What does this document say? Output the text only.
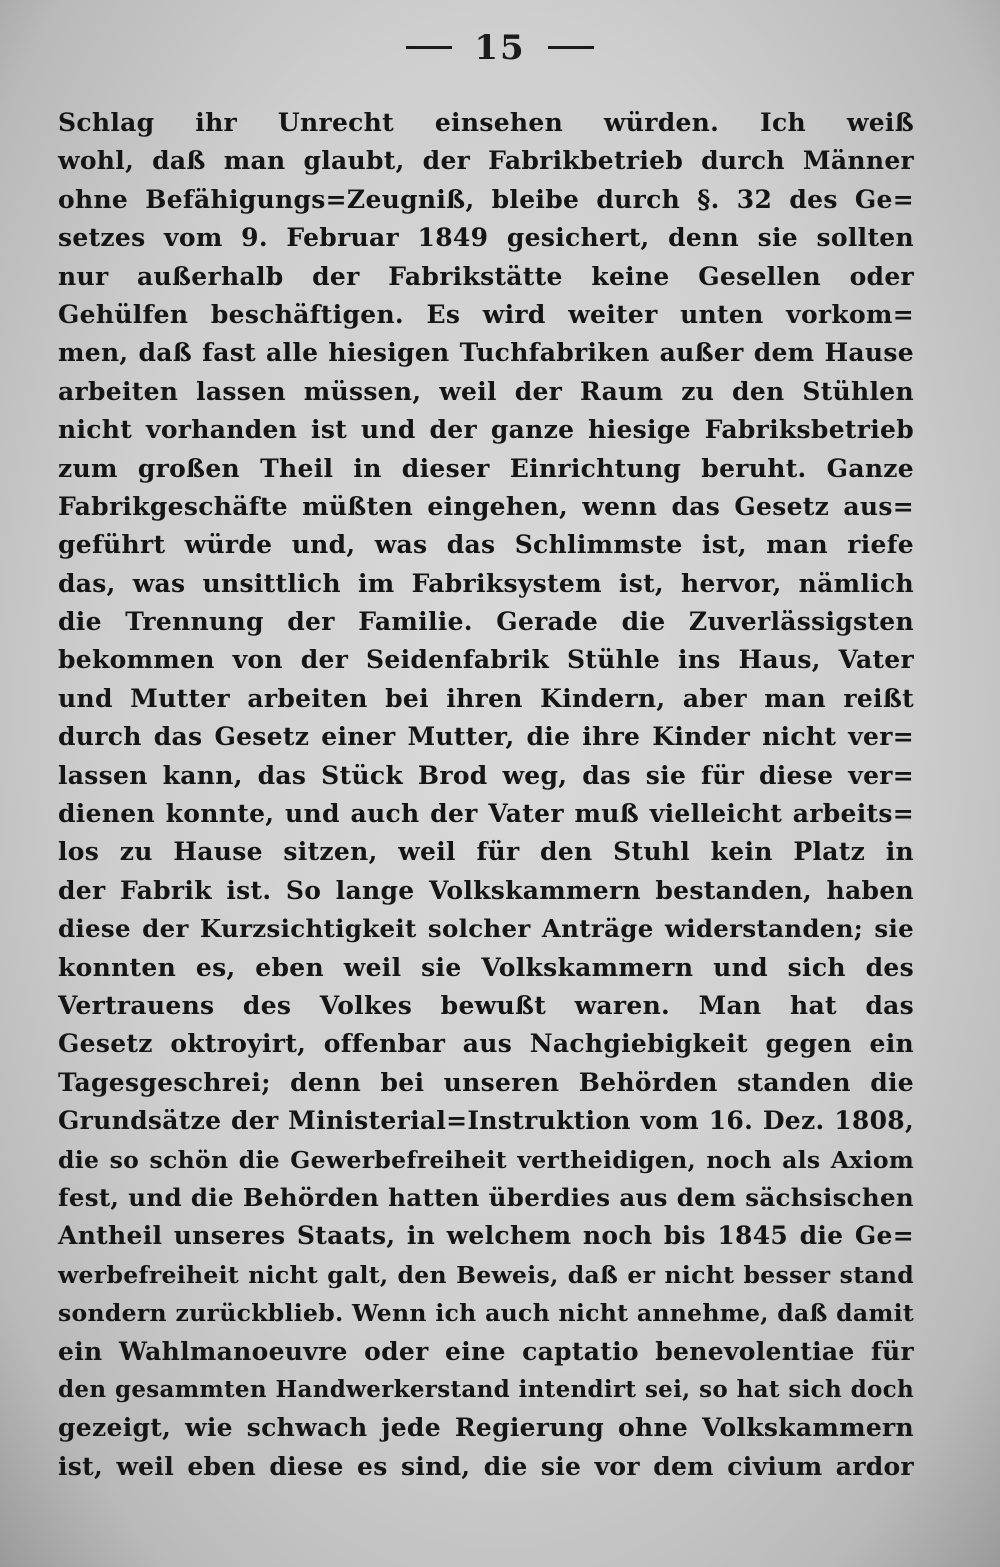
15
Schlag ihr Unrecht einsehen würden. Ich weiß
wohl, daß man glaubt, der Fabrikbetrieb durch Männer
ohne Befähigungs=Zeugniß, bleibe durch §. 32 des Ge=
setzes vom 9. Februar 1849 gesichert, denn sie sollten
nur außerhalb der Fabrikstätte keine Gesellen oder
Gehülfen beschäftigen. Es wird weiter unten vorkom=
men, daß fast alle hiesigen Tuchfabriken außer dem Hause
arbeiten lassen müssen, weil der Raum zu den Stühlen
nicht vorhanden ist und der ganze hiesige Fabriksbetrieb
zum großen Theil in dieser Einrichtung beruht. Ganze
Fabrikgeschäfte müßten eingehen, wenn das Gesetz aus=
geführt würde und, was das Schlimmste ist, man riefe
das, was unsittlich im Fabriksystem ist, hervor, nämlich
die Trennung der Familie. Gerade die Zuverlässigsten
bekommen von der Seidenfabrik Stühle ins Haus, Vater
und Mutter arbeiten bei ihren Kindern, aber man reißt
durch das Gesetz einer Mutter, die ihre Kinder nicht ver=
lassen kann, das Stück Brod weg, das sie für diese ver=
dienen konnte, und auch der Vater muß vielleicht arbeits=
los zu Hause sitzen, weil für den Stuhl kein Platz in
der Fabrik ist. So lange Volkskammern bestanden, haben
diese der Kurzsichtigkeit solcher Anträge widerstanden; sie
konnten es, eben weil sie Volkskammern und sich des
Vertrauens des Volkes bewußt waren. Man hat das
Gesetz oktroyirt, offenbar aus Nachgiebigkeit gegen ein
Tagesgeschrei; denn bei unseren Behörden standen die
Grundsätze der Ministerial=Instruktion vom 16. Dez. 1808,
die so schön die Gewerbefreiheit vertheidigen, noch als Axiom
fest, und die Behörden hatten überdies aus dem sächsischen
Antheil unseres Staats, in welchem noch bis 1845 die Ge=
werbefreiheit nicht galt, den Beweis, daß er nicht besser stand
sondern zurückblieb. Wenn ich auch nicht annehme, daß damit
ein Wahlmanoeuvre oder eine captatio benevolentiae für
den gesammten Handwerkerstand intendirt sei, so hat sich doch
gezeigt, wie schwach jede Regierung ohne Volkskammern
ist, weil eben diese es sind, die sie vor dem civium ardor
